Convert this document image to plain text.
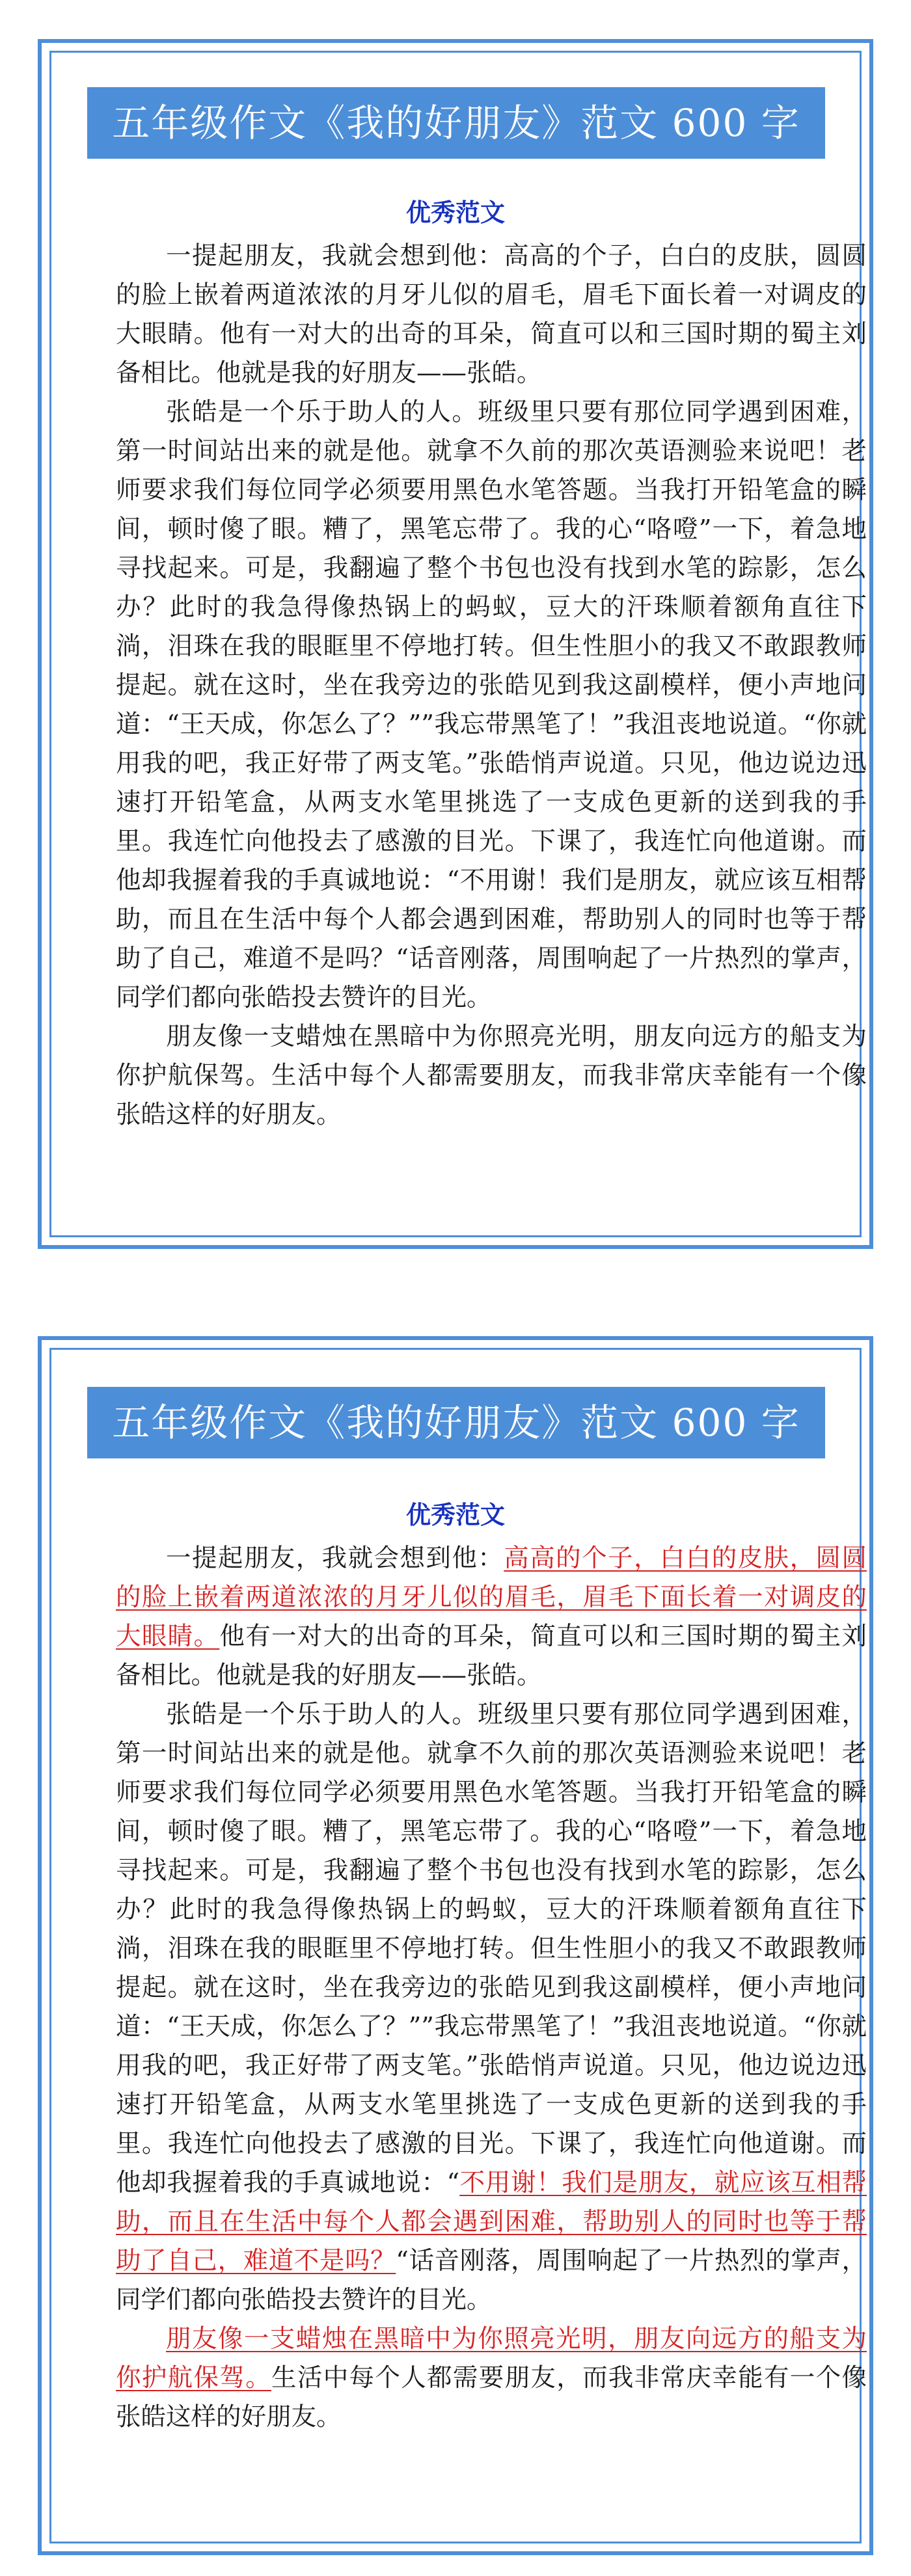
五年级作文《我的好朋友》范文 600 字
优秀范文

一提起朋友，我就会想到他：高高的个子，白白的皮肤，圆圆的脸上嵌着两道浓浓的月牙儿似的眉毛，眉毛下面长着一对调皮的大眼睛。他有一对大的出奇的耳朵，简直可以和三国时期的蜀主刘备相比。他就是我的好朋友——张皓。

张皓是一个乐于助人的人。班级里只要有那位同学遇到困难，第一时间站出来的就是他。就拿不久前的那次英语测验来说吧！老师要求我们每位同学必须要用黑色水笔答题。当我打开铅笔盒的瞬间，顿时傻了眼。糟了，黑笔忘带了。我的心“咯噔”一下，着急地寻找起来。可是，我翻遍了整个书包也没有找到水笔的踪影，怎么办？此时的我急得像热锅上的蚂蚁，豆大的汗珠顺着额角直往下淌，泪珠在我的眼眶里不停地打转。但生性胆小的我又不敢跟教师提起。就在这时，坐在我旁边的张皓见到我这副模样，便小声地问道：“王天成，你怎么了？””我忘带黑笔了！”我沮丧地说道。“你就用我的吧，我正好带了两支笔。”张皓悄声说道。只见，他边说边迅速打开铅笔盒，从两支水笔里挑选了一支成色更新的送到我的手里。我连忙向他投去了感激的目光。下课了，我连忙向他道谢。而他却我握着我的手真诚地说：“不用谢！我们是朋友，就应该互相帮助，而且在生活中每个人都会遇到困难，帮助别人的同时也等于帮助了自己，难道不是吗？“话音刚落，周围响起了一片热烈的掌声，同学们都向张皓投去赞许的目光。

朋友像一支蜡烛在黑暗中为你照亮光明，朋友向远方的船支为你护航保驾。生活中每个人都需要朋友，而我非常庆幸能有一个像张皓这样的好朋友。

五年级作文《我的好朋友》范文 600 字
优秀范文

一提起朋友，我就会想到他：高高的个子，白白的皮肤，圆圆的脸上嵌着两道浓浓的月牙儿似的眉毛，眉毛下面长着一对调皮的大眼睛。他有一对大的出奇的耳朵，简直可以和三国时期的蜀主刘备相比。他就是我的好朋友——张皓。

张皓是一个乐于助人的人。班级里只要有那位同学遇到困难，第一时间站出来的就是他。就拿不久前的那次英语测验来说吧！老师要求我们每位同学必须要用黑色水笔答题。当我打开铅笔盒的瞬间，顿时傻了眼。糟了，黑笔忘带了。我的心“咯噔”一下，着急地寻找起来。可是，我翻遍了整个书包也没有找到水笔的踪影，怎么办？此时的我急得像热锅上的蚂蚁，豆大的汗珠顺着额角直往下淌，泪珠在我的眼眶里不停地打转。但生性胆小的我又不敢跟教师提起。就在这时，坐在我旁边的张皓见到我这副模样，便小声地问道：“王天成，你怎么了？””我忘带黑笔了！”我沮丧地说道。“你就用我的吧，我正好带了两支笔。”张皓悄声说道。只见，他边说边迅速打开铅笔盒，从两支水笔里挑选了一支成色更新的送到我的手里。我连忙向他投去了感激的目光。下课了，我连忙向他道谢。而他却我握着我的手真诚地说：“不用谢！我们是朋友，就应该互相帮助，而且在生活中每个人都会遇到困难，帮助别人的同时也等于帮助了自己，难道不是吗？“话音刚落，周围响起了一片热烈的掌声，同学们都向张皓投去赞许的目光。

朋友像一支蜡烛在黑暗中为你照亮光明，朋友向远方的船支为你护航保驾。生活中每个人都需要朋友，而我非常庆幸能有一个像张皓这样的好朋友。
